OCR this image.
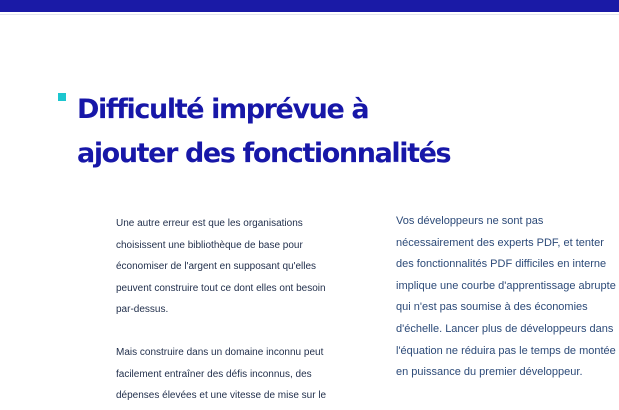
Difficulté imprévue à
ajouter des fonctionnalités

Une autre erreur est que les organisations
choisissent une bibliothèque de base pour
économiser de l'argent en supposant qu'elles
peuvent construire tout ce dont elles ont besoin
par-dessus.

Mais construire dans un domaine inconnu peut
facilement entraîner des défis inconnus, des
dépenses élevées et une vitesse de mise sur le

Vos développeurs ne sont pas
nécessairement des experts PDF, et tenter
des fonctionnalités PDF difficiles en interne
implique une courbe d'apprentissage abrupte
qui n'est pas soumise à des économies
d'échelle. Lancer plus de développeurs dans
l'équation ne réduira pas le temps de montée
en puissance du premier développeur.
